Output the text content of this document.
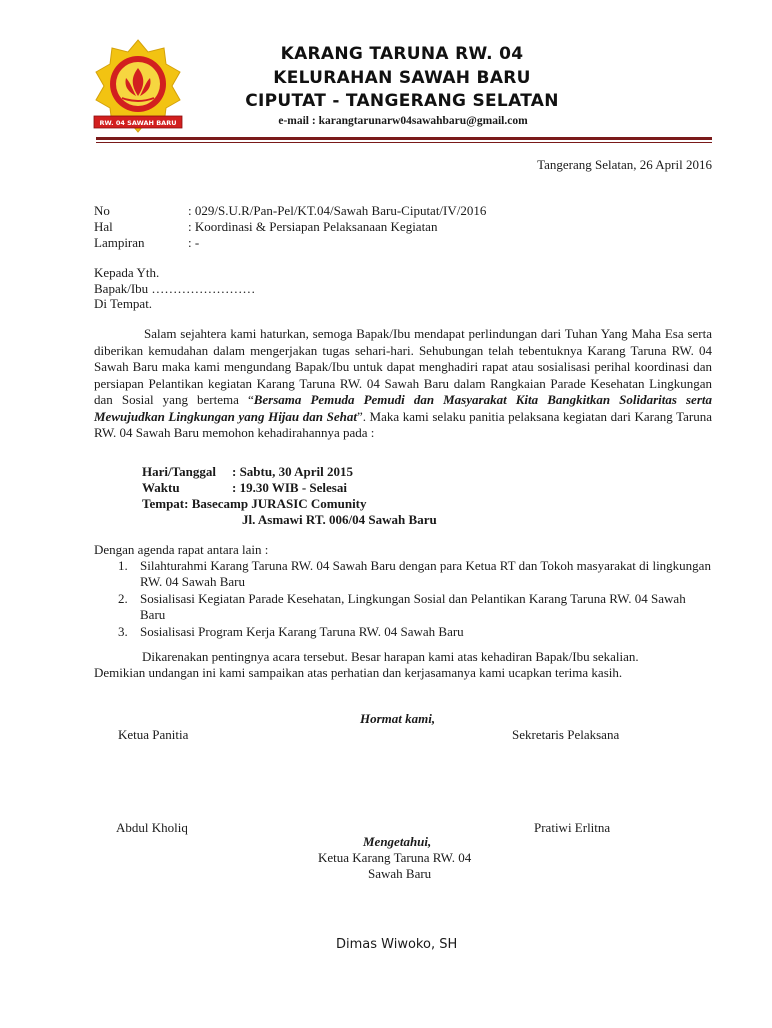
RW. 04 SAWAH BARU
KARANG TARUNA RW. 04
KELURAHAN SAWAH BARU
CIPUTAT - TANGERANG SELATAN
e-mail : karangtarunarw04sawahbaru@gmail.com
Tangerang Selatan, 26 April 2016
No	: 029/S.U.R/Pan-Pel/KT.04/Sawah Baru-Ciputat/IV/2016
Hal	: Koordinasi & Persiapan Pelaksanaan Kegiatan
Lampiran	: -
Kepada Yth.
Bapak/Ibu ……………………
Di Tempat.

Salam sejahtera kami haturkan, semoga Bapak/Ibu mendapat perlindungan dari Tuhan Yang Maha Esa serta diberikan kemudahan dalam mengerjakan tugas sehari-hari. Sehubungan telah tebentuknya Karang Taruna RW. 04 Sawah Baru maka kami mengundang Bapak/Ibu untuk dapat menghadiri rapat atau sosialisasi perihal koordinasi dan persiapan Pelantikan kegiatan Karang Taruna RW. 04 Sawah Baru dalam Rangkaian Parade Kesehatan Lingkungan dan Sosial yang bertema “Bersama Pemuda Pemudi dan Masyarakat Kita Bangkitkan Solidaritas serta Mewujudkan Lingkungan yang Hijau dan Sehat”. Maka kami selaku panitia pelaksana kegiatan dari Karang Taruna RW. 04 Sawah Baru memohon kehadirahannya pada :

Hari/Tanggal : Sabtu, 30 April 2015
Waktu	: 19.30 WIB - Selesai
Tempat: Basecamp JURASIC Comunity
Jl. Asmawi RT. 006/04 Sawah Baru
Dengan agenda rapat antara lain :
1. Silahturahmi Karang Taruna RW. 04 Sawah Baru dengan para Ketua RT dan Tokoh masyarakat di lingkungan RW. 04 Sawah Baru
2. Sosialisasi Kegiatan Parade Kesehatan, Lingkungan Sosial dan Pelantikan Karang Taruna RW. 04 Sawah Baru
3. Sosialisasi Program Kerja Karang Taruna RW. 04 Sawah Baru
Dikarenakan pentingnya acara tersebut. Besar harapan kami atas kehadiran Bapak/Ibu sekalian.
Demikian undangan ini kami sampaikan atas perhatian dan kerjasamanya kami ucapkan terima kasih.
Hormat kami,
Ketua Panitia	Sekretaris Pelaksana
Abdul Kholiq	Pratiwi Erlitna
Mengetahui,
Ketua Karang Taruna RW. 04
Sawah Baru
Dimas Wiwoko, SH
